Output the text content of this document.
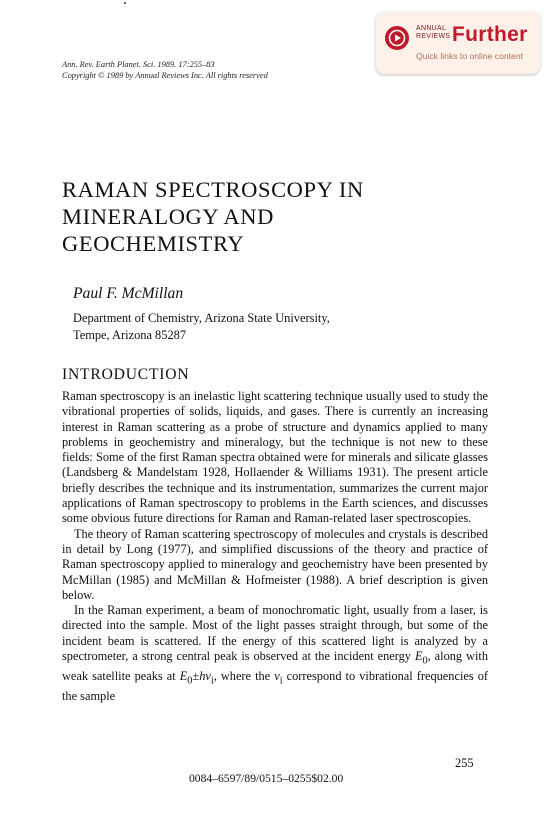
ANNUAL
REVIEWS Further
Quick links to online content
Ann. Rev. Earth Planet. Sci. 1989. 17:255–83
Copyright © 1989 by Annual Reviews Inc. All rights reserved
RAMAN SPECTROSCOPY IN
MINERALOGY AND
GEOCHEMISTRY
Paul F. McMillan
Department of Chemistry, Arizona State University,
Tempe, Arizona 85287
INTRODUCTION

Raman spectroscopy is an inelastic light scattering technique usually used to study the vibrational properties of solids, liquids, and gases. There is currently an increasing interest in Raman scattering as a probe of structure and dynamics applied to many problems in geochemistry and mineralogy, but the technique is not new to these fields: Some of the first Raman spectra obtained were for minerals and silicate glasses (Landsberg & Mandelstam 1928, Hollaender & Williams 1931). The present article briefly describes the technique and its instrumentation, summarizes the current major applications of Raman spectroscopy to problems in the Earth sciences, and discusses some obvious future directions for Raman and Raman-related laser spectroscopies.

The theory of Raman scattering spectroscopy of molecules and crystals is described in detail by Long (1977), and simplified discussions of the theory and practice of Raman spectroscopy applied to mineralogy and geochemistry have been presented by McMillan (1985) and McMillan & Hofmeister (1988). A brief description is given below.

In the Raman experiment, a beam of monochromatic light, usually from a laser, is directed into the sample. Most of the light passes straight through, but some of the incident beam is scattered. If the energy of this scattered light is analyzed by a spectrometer, a strong central peak is observed at the incident energy $E_0$, along with weak satellite peaks at $E_0\pm h\nu_i$, where the $\nu_i$ correspond to vibrational frequencies of the sample

255
0084–6597/89/0515–0255$02.00
